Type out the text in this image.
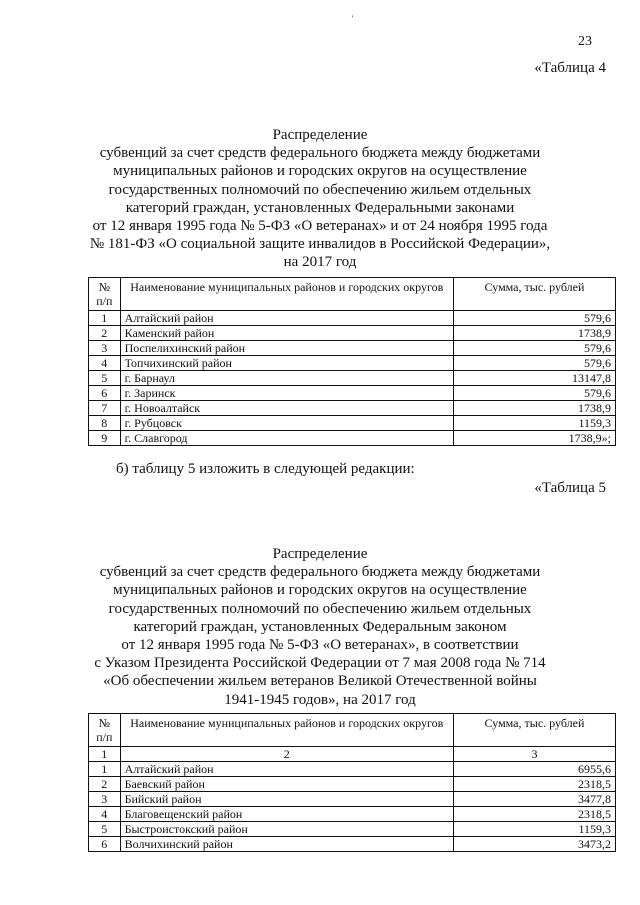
'
23
«Таблица 4
Распределение
субвенций за счет средств федерального бюджета между бюджетами
муниципальных районов и городских округов на осуществление
государственных полномочий по обеспечению жильем отдельных
категорий граждан, установленных Федеральными законами
от 12 января 1995 года № 5-ФЗ «О ветеранах» и от 24 ноября 1995 года
№ 181-ФЗ «О социальной защите инвалидов в Российской Федерации»,
на 2017 год
№ п/п	Наименование муниципальных районов и городских округов	Сумма, тыс. рублей
1	Алтайский район	579,6
2	Каменский район	1738,9
3	Поспелихинский район	579,6
4	Топчихинский район	579,6
5	г. Барнаул	13147,8
6	г. Заринск	579,6
7	г. Новоалтайск	1738,9
8	г. Рубцовск	1159,3
9	г. Славгород	1738,9»;
б) таблицу 5 изложить в следующей редакции:
«Таблица 5
Распределение
субвенций за счет средств федерального бюджета между бюджетами
муниципальных районов и городских округов на осуществление
государственных полномочий по обеспечению жильем отдельных
категорий граждан, установленных Федеральным законом
от 12 января 1995 года № 5-ФЗ «О ветеранах», в соответствии
с Указом Президента Российской Федерации от 7 мая 2008 года № 714
«Об обеспечении жильем ветеранов Великой Отечественной войны
1941-1945 годов», на 2017 год
№ п/п	Наименование муниципальных районов и городских округов	Сумма, тыс. рублей
1	2	3
1	Алтайский район	6955,6
2	Баевский район	2318,5
3	Бийский район	3477,8
4	Благовещенский район	2318,5
5	Быстроистокский район	1159,3
6	Волчихинский район	3473,2
